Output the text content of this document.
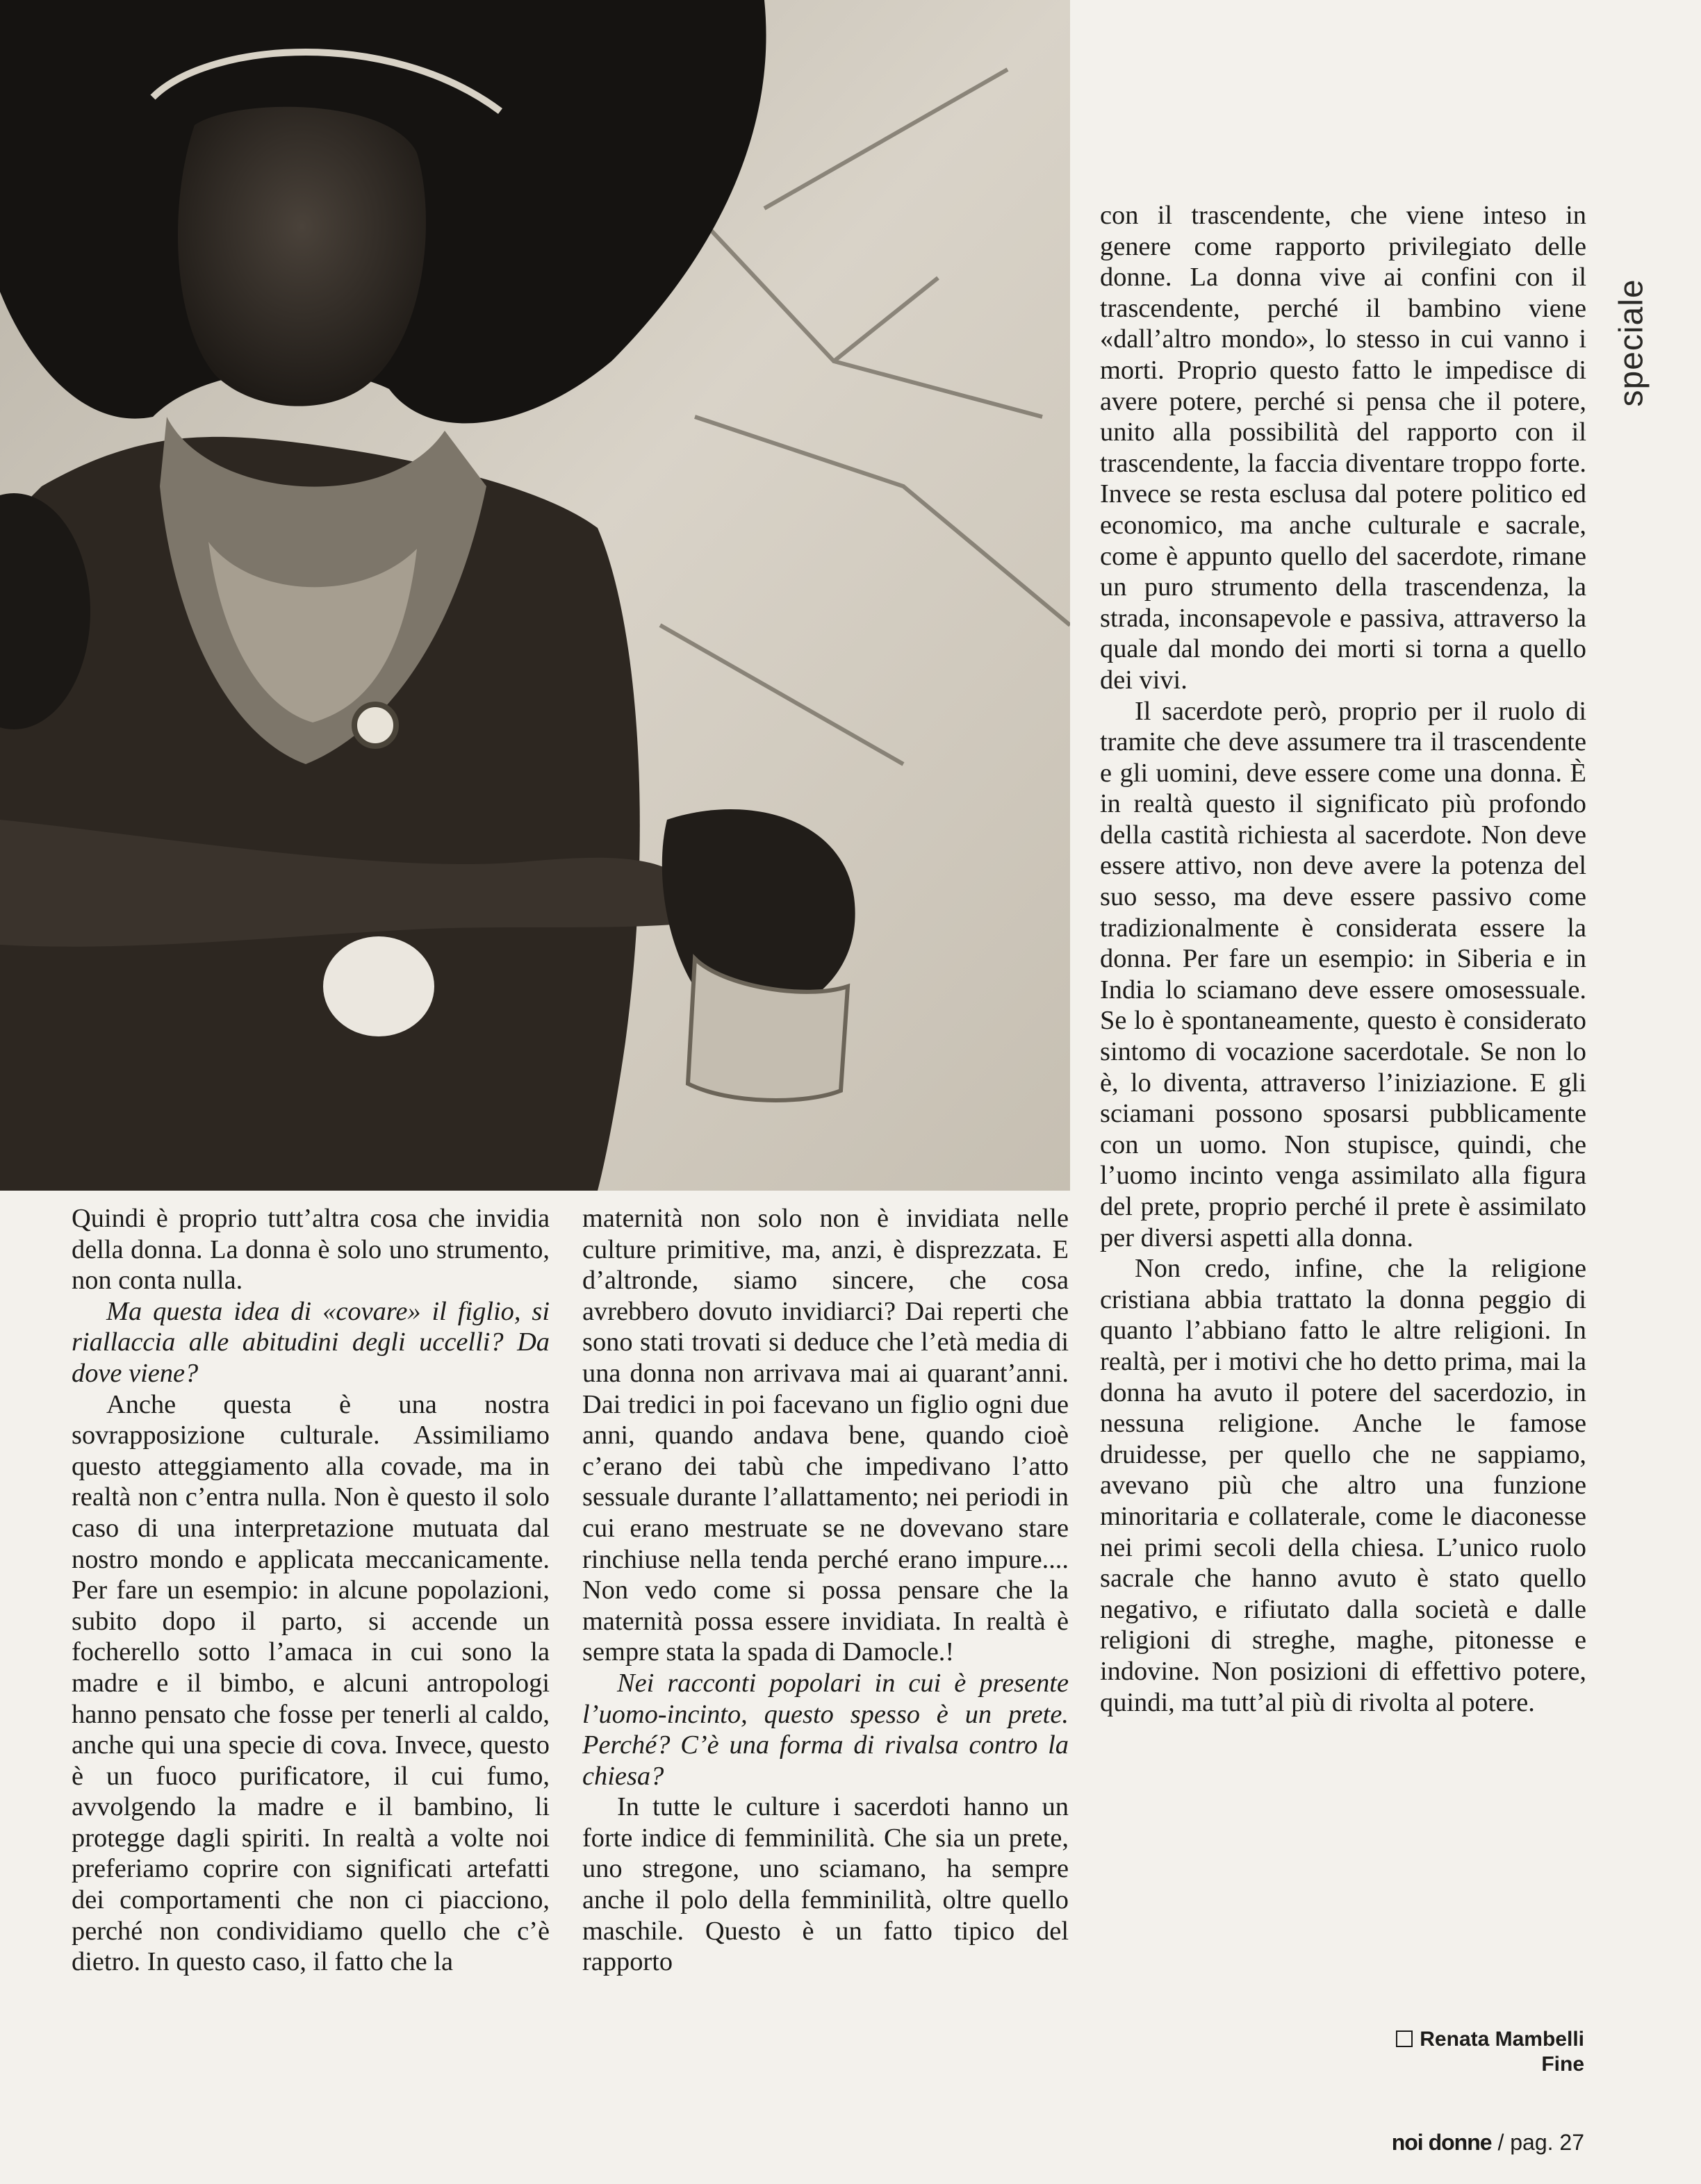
speciale

Quindi è proprio tutt’altra cosa che invidia della donna. La donna è solo uno strumento, non conta nulla.

Ma questa idea di «covare» il figlio, si riallaccia alle abitudini degli uccelli? Da dove viene?

Anche questa è una nostra sovrapposizione culturale. Assimiliamo questo atteggiamento alla covade, ma in realtà non c’entra nulla. Non è questo il solo caso di una interpretazione mutuata dal nostro mondo e applicata meccanicamente. Per fare un esempio: in alcune popolazioni, subito dopo il parto, si accende un focherello sotto l’amaca in cui sono la madre e il bimbo, e alcuni antropologi hanno pensato che fosse per tenerli al caldo, anche qui una specie di cova. Invece, questo è un fuoco purificatore, il cui fumo, avvolgendo la madre e il bambino, li protegge dagli spiriti. In realtà a volte noi preferiamo coprire con significati artefatti dei comportamenti che non ci piacciono, perché non condividiamo quello che c’è dietro. In questo caso, il fatto che la

maternità non solo non è invidiata nelle culture primitive, ma, anzi, è disprezzata. E d’altronde, siamo sincere, che cosa avrebbero dovuto invidiarci? Dai reperti che sono stati trovati si deduce che l’età media di una donna non arrivava mai ai quarant’anni. Dai tredici in poi facevano un figlio ogni due anni, quando andava bene, quando cioè c’erano dei tabù che impedivano l’atto sessuale durante l’allattamento; nei periodi in cui erano mestruate se ne dovevano stare rinchiuse nella tenda perché erano impure.... Non vedo come si possa pensare che la maternità possa essere invidiata. In realtà è sempre stata la spada di Damocle.!

Nei racconti popolari in cui è presente l’uomo-incinto, questo spesso è un prete. Perché? C’è una forma di rivalsa contro la chiesa?

In tutte le culture i sacerdoti hanno un forte indice di femminilità. Che sia un prete, uno stregone, uno sciamano, ha sempre anche il polo della femminilità, oltre quello maschile. Questo è un fatto tipico del rapporto

con il trascendente, che viene inteso in genere come rapporto privilegiato delle donne. La donna vive ai confini con il trascendente, perché il bambino viene «dall’altro mondo», lo stesso in cui vanno i morti. Proprio questo fatto le impedisce di avere potere, perché si pensa che il potere, unito alla possibilità del rapporto con il trascendente, la faccia diventare troppo forte. Invece se resta esclusa dal potere politico ed economico, ma anche culturale e sacrale, come è appunto quello del sacerdote, rimane un puro strumento della trascendenza, la strada, inconsapevole e passiva, attraverso la quale dal mondo dei morti si torna a quello dei vivi.

Il sacerdote però, proprio per il ruolo di tramite che deve assumere tra il trascendente e gli uomini, deve essere come una donna. È in realtà questo il significato più profondo della castità richiesta al sacerdote. Non deve essere attivo, non deve avere la potenza del suo sesso, ma deve essere passivo come tradizionalmente è considerata essere la donna. Per fare un esempio: in Siberia e in India lo sciamano deve essere omosessuale. Se lo è spontaneamente, questo è considerato sintomo di vocazione sacerdotale. Se non lo è, lo diventa, attraverso l’iniziazione. E gli sciamani possono sposarsi pubblicamente con un uomo. Non stupisce, quindi, che l’uomo incinto venga assimilato alla figura del prete, proprio perché il prete è assimilato per diversi aspetti alla donna.

Non credo, infine, che la religione cristiana abbia trattato la donna peggio di quanto l’abbiano fatto le altre religioni. In realtà, per i motivi che ho detto prima, mai la donna ha avuto il potere del sacerdozio, in nessuna religione. Anche le famose druidesse, per quello che ne sappiamo, avevano più che altro una funzione minoritaria e collaterale, come le diaconesse nei primi secoli della chiesa. L’unico ruolo sacrale che hanno avuto è stato quello negativo, e rifiutato dalla società e dalle religioni di streghe, maghe, pitonesse e indovine. Non posizioni di effettivo potere, quindi, ma tutt’al più di rivolta al potere.

Renata Mambelli
Fine
noi donne / pag. 27
